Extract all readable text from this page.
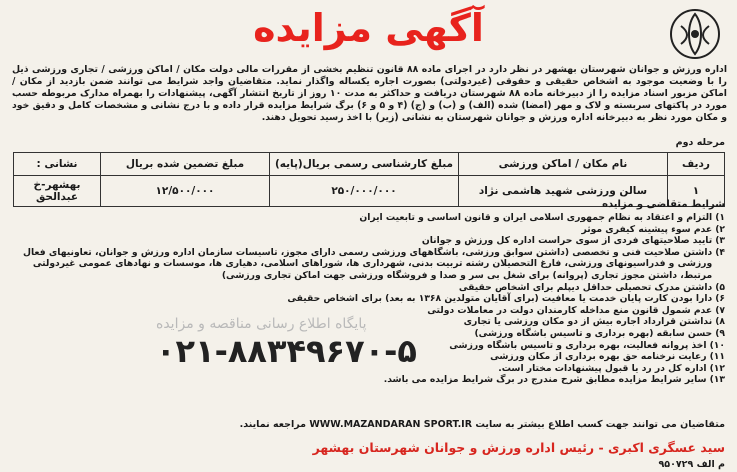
آگهی مزایده
اداره ورزش و جوانان شهرستان بهشهر در نظر دارد در اجرای ماده ۸۸ قانون تنظیم بخشی از مقررات مالی دولت مکان / اماکن ورزشی / تجاری ورزشی ذیل را با وضعیت موجود به اشخاص حقیقی و حقوقی (غیردولتی) بصورت اجاره یکساله واگذار نماید. متقاضیان واجد شرایط می توانند ضمن بازدید از مکان / اماکن مزبور اسناد مزایده را از دبیرخانه ماده ۸۸ شهرستان دریافت و حداکثر به مدت ۱۰ روز از تاریخ انتشار آگهی، پیشنهادات را بهمراه مدارک مربوطه حسب مورد در پاکتهای سربسته و لاک و مهر (امضا) شده (الف) و (ب) و (ج) (۴ و ۵ و ۶) برگ شرایط مزایده قرار داده و با درج نشانی و مشخصات کامل و دقیق خود و مکان مورد نظر به دبیرخانه اداره ورزش و جوانان شهرستان به نشانی (زیر) با اخذ رسید تحویل دهند.
مرحله دوم
ردیف	نام مکان / اماکن ورزشی	مبلغ کارشناسی رسمی بریال(پایه)	مبلغ تضمین شده بریال	نشانی :
۱	سالن ورزشی شهید هاشمی نژاد	۲۵۰/۰۰۰/۰۰۰	۱۲/۵۰۰/۰۰۰	بهشهر-خ عبدالحق
شرایط متقاضی و مزایده
۱)
التزام و اعتقاد به نظام جمهوری اسلامی ایران و قانون اساسی و تابعیت ایران
۲)
عدم سوء پیشینه کیفری موثر
۳)
تایید صلاحیتهای فردی از سوی حراست اداره کل ورزش و جوانان
۴)
داشتن صلاحیت فنی و تخصصی (داشتن سوابق ورزشی، باشگاههای ورزشی رسمی دارای مجوز، تاسیسات سازمان اداره ورزش و جوانان، تعاونیهای فعال ورزشی و فدراسیونهای ورزشی، فارغ التحصیلان رشته تربیت بدنی، شهرداری ها، شوراهای اسلامی، دهیاری ها، موسسات و نهادهای عمومی غیردولتی مرتبط، داشتن مجوز تجاری (پروانه) برای شغل بی سر و صدا و فروشگاه ورزشی جهت اماکن تجاری ورزشی)
۵)
داشتن مدرک تحصیلی حداقل دیپلم برای اشخاص حقیقی
۶)
دارا بودن کارت پایان خدمت یا معافیت (برای آقایان متولدین ۱۳۶۸ به بعد) برای اشخاص حقیقی
۷)
عدم شمول قانون منع مداخله کارمندان دولت در معاملات دولتی
۸)
نداشتن قرارداد اجاره بیش از دو مکان ورزشی یا تجاری
۹)
حسن سابقه (بهره برداری و تاسیس باشگاه ورزشی)
۱۰)
اخذ پروانه فعالیت، بهره برداری و تاسیس باشگاه ورزشی
۱۱)
رعایت نرخنامه حق بهره برداری از مکان ورزشی
۱۲)
اداره کل در رد یا قبول پیشنهادات مختار است.
۱۳)
سایر شرایط مزایده مطابق شرح مندرج در برگ شرایط مزایده می باشد.
پایگاه اطلاع رسانی مناقصه و مزایده
۰۲۱-۸۸۳۴۹۶۷۰-۵
متقاضیان می توانند جهت کسب اطلاع بیشتر به سایت WWW.MAZANDARAN SPORT.IR مراجعه نمایند.
سید عسگری اکبری - رئیس اداره ورزش و جوانان شهرستان بهشهر
م الف ۹۵۰۷۲۹
